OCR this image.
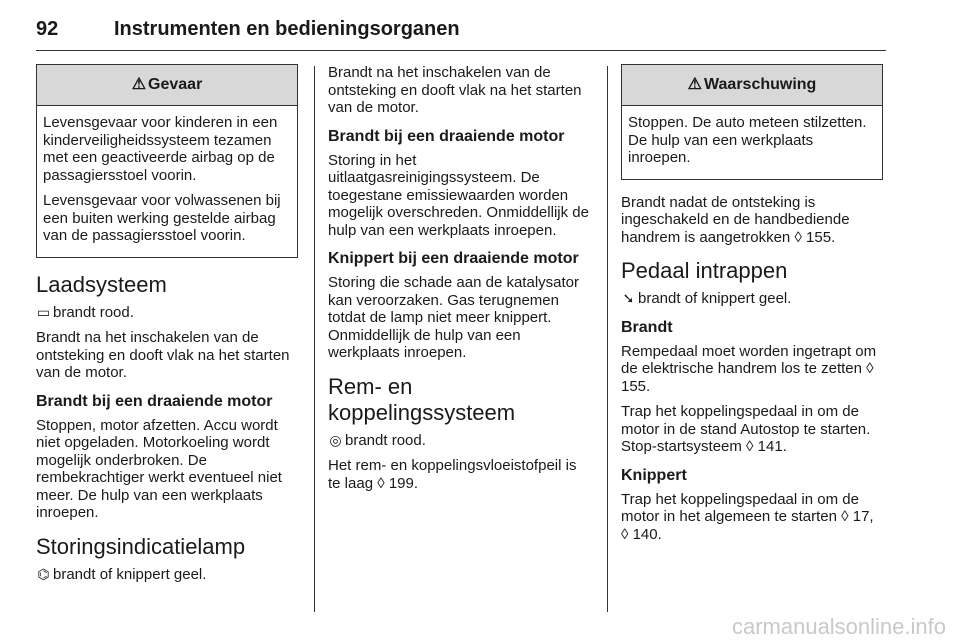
92	Instrumenten en bedieningsorganen
⚠ Gevaar

Levensgevaar voor kinderen in een kinderveiligheidssysteem tezamen met een geactiveerde airbag op de passagiersstoel voorin.

Levensgevaar voor volwassenen bij een buiten werking gestelde airbag van de passagiersstoel voorin.

Laadsysteem

▭ brandt rood.

Brandt na het inschakelen van de ontsteking en dooft vlak na het starten van de motor.

Brandt bij een draaiende motor

Stoppen, motor afzetten. Accu wordt niet opgeladen. Motorkoeling wordt mogelijk onderbroken. De rembekrachtiger werkt eventueel niet meer. De hulp van een werkplaats inroepen.

Storingsindicatielamp

⌬ brandt of knippert geel.

Brandt na het inschakelen van de ontsteking en dooft vlak na het starten van de motor.

Brandt bij een draaiende motor

Storing in het uitlaatgasreinigingssysteem. De toegestane emissiewaarden worden mogelijk overschreden. Onmiddellijk de hulp van een werkplaats inroepen.

Knippert bij een draaiende motor

Storing die schade aan de katalysator kan veroorzaken. Gas terugnemen totdat de lamp niet meer knippert. Onmiddellijk de hulp van een werkplaats inroepen.

Rem- en
koppelingssysteem

◎ brandt rood.

Het rem- en koppelingsvloeistofpeil is te laag ◊ 199.

⚠ Waarschuwing

Stoppen. De auto meteen stilzetten. De hulp van een werkplaats inroepen.

Brandt nadat de ontsteking is ingeschakeld en de handbediende handrem is aangetrokken ◊ 155.

Pedaal intrappen

➘ brandt of knippert geel.

Brandt

Rempedaal moet worden ingetrapt om de elektrische handrem los te zetten ◊ 155.

Trap het koppelingspedaal in om de motor in de stand Autostop te starten. Stop-startsysteem ◊ 141.

Knippert

Trap het koppelingspedaal in om de motor in het algemeen te starten ◊ 17, ◊ 140.

carmanualsonline.info
